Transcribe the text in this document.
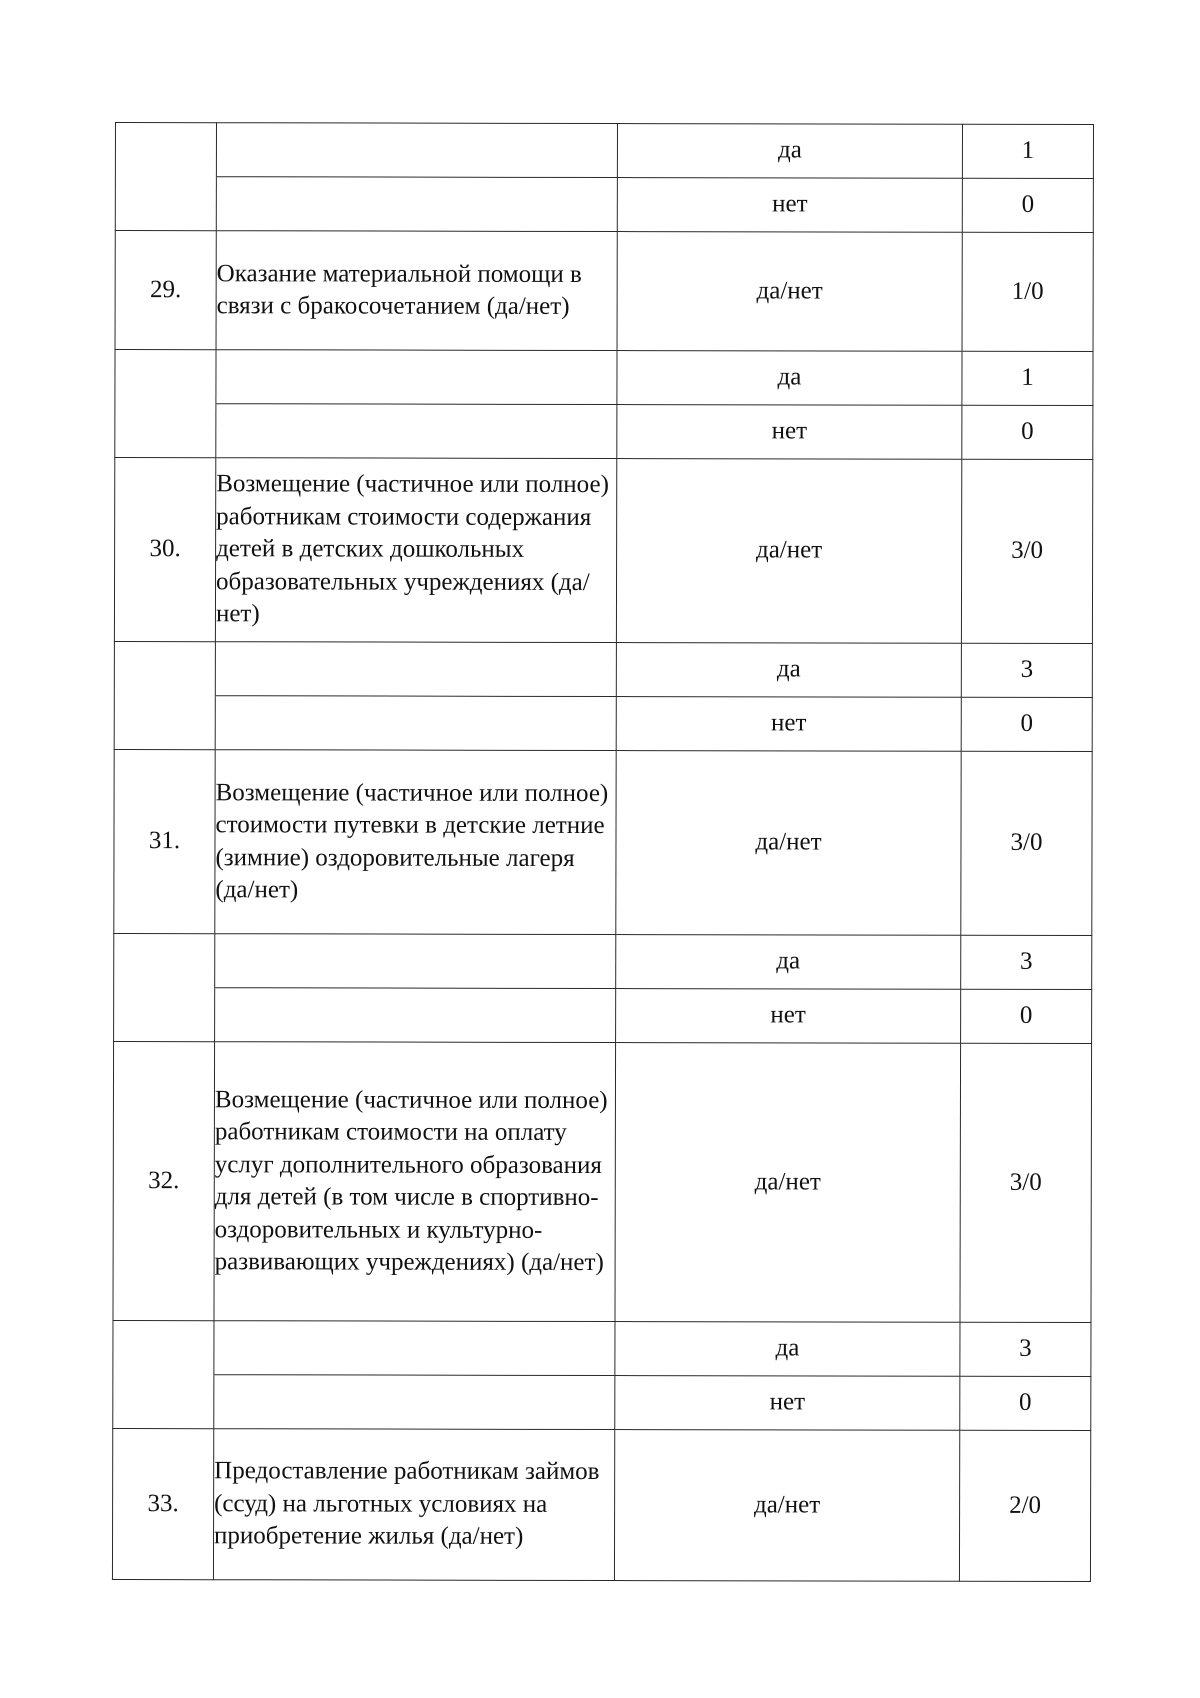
		да	1
		нет	0
29.	Оказание материальной помощи в связи с бракосочетанием (да/нет)	да/нет	1/0
		да	1
		нет	0
30.	Возмещение (частичное или полное) работникам стоимости содержания детей в детских дошкольных образовательных учреждениях (да/нет)	да/нет	3/0
		да	3
		нет	0
31.	Возмещение (частичное или полное) стоимости путевки в детские летние (зимние) оздоровительные лагеря (да/нет)	да/нет	3/0
		да	3
		нет	0
32.	Возмещение (частичное или полное) работникам стоимости на оплату услуг дополнительного образования для детей (в том числе в спортивно-оздоровительных и культурно-развивающих учреждениях) (да/нет)	да/нет	3/0
		да	3
		нет	0
33.	Предоставление работникам займов (ссуд) на льготных условиях на приобретение жилья (да/нет)	да/нет	2/0
